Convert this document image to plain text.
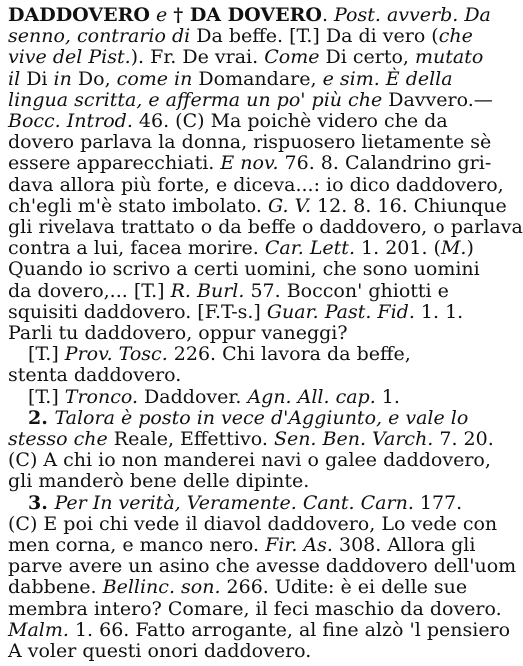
DADDOVERO e † DA DOVERO. Post. avverb. Da
senno, contrario di Da beffe. [T.] Da di vero (che
vive del Pist.). Fr. De vrai. Come Di certo, mutato
il Di in Do, come in Domandare, e sim. È della
lingua scritta, e afferma un po' più che Davvero.—
Bocc. Introd. 46. (C) Ma poichè videro che da
dovero parlava la donna, rispuosero lietamente sè
essere apparecchiati. E nov. 76. 8. Calandrino gri-
dava allora più forte, e diceva...: io dico daddovero,
ch'egli m'è stato imbolato. G. V. 12. 8. 16. Chiunque
gli rivelava trattato o da beffe o daddovero, o parlava
contra a lui, facea morire. Car. Lett. 1. 201. (M.)
Quando io scrivo a certi uomini, che sono uomini
da dovero,... [T.] R. Burl. 57. Boccon' ghiotti e
squisiti daddovero. [F.T-s.] Guar. Past. Fid. 1. 1.
Parli tu daddovero, oppur vaneggi?
[T.] Prov. Tosc. 226. Chi lavora da beffe,
stenta daddovero.
[T.] Tronco. Daddover. Agn. All. cap. 1.
2. Talora è posto in vece d'Aggiunto, e vale lo
stesso che Reale, Effettivo. Sen. Ben. Varch. 7. 20.
(C) A chi io non manderei navi o galee daddovero,
gli manderò bene delle dipinte.
3. Per In verità, Veramente. Cant. Carn. 177.
(C) E poi chi vede il diavol daddovero, Lo vede con
men corna, e manco nero. Fir. As. 308. Allora gli
parve avere un asino che avesse daddovero dell'uom
dabbene. Bellinc. son. 266. Udite: è ei delle sue
membra intero? Comare, il feci maschio da dovero.
Malm. 1. 66. Fatto arrogante, al fine alzò 'l pensiero
A voler questi onori daddovero.
